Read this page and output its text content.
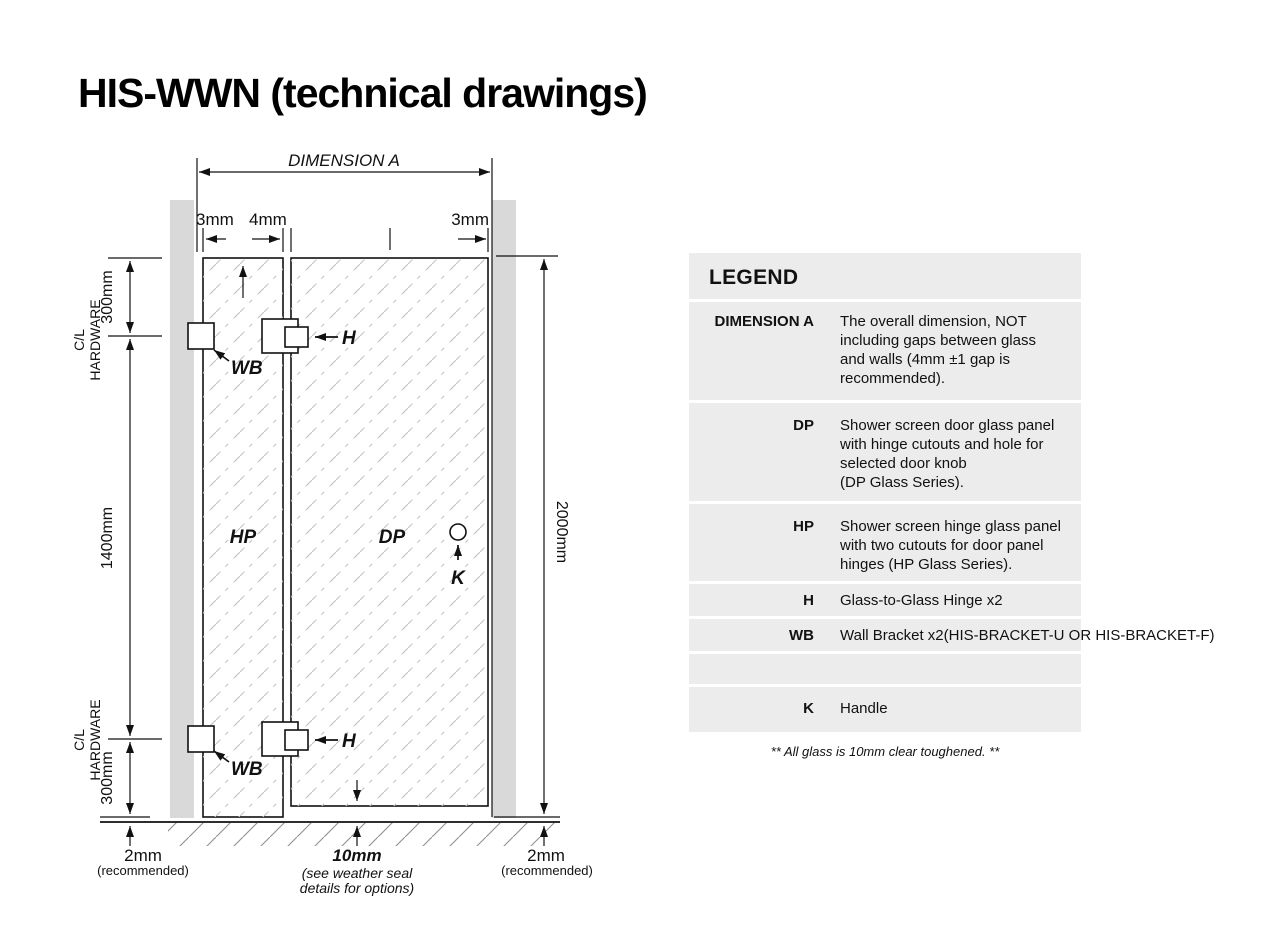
HIS-WWN (technical drawings)
DIMENSION A
3mm 4mm	3mm
300mm
1400mm
300mm
C/L HARDWARE
C/L HARDWARE
2000mm
H
H
WB
WB
HP	DP
K
10mm
(see weather seal
details for options)
2mm
(recommended)
2mm
(recommended)
LEGEND
DIMENSION A The overall dimension, NOT
including gaps between glass
and walls (4mm ±1 gap is
recommended).
DP Shower screen door glass panel
with hinge cutouts and hole for
selected door knob
(DP Glass Series).
HP Shower screen hinge glass panel
with two cutouts for door panel
hinges (HP Glass Series).
H Glass-to-Glass Hinge x2
WB Wall Bracket x2(HIS-BRACKET-U OR HIS-BRACKET-F)
K Handle
** All glass is 10mm clear toughened. **
